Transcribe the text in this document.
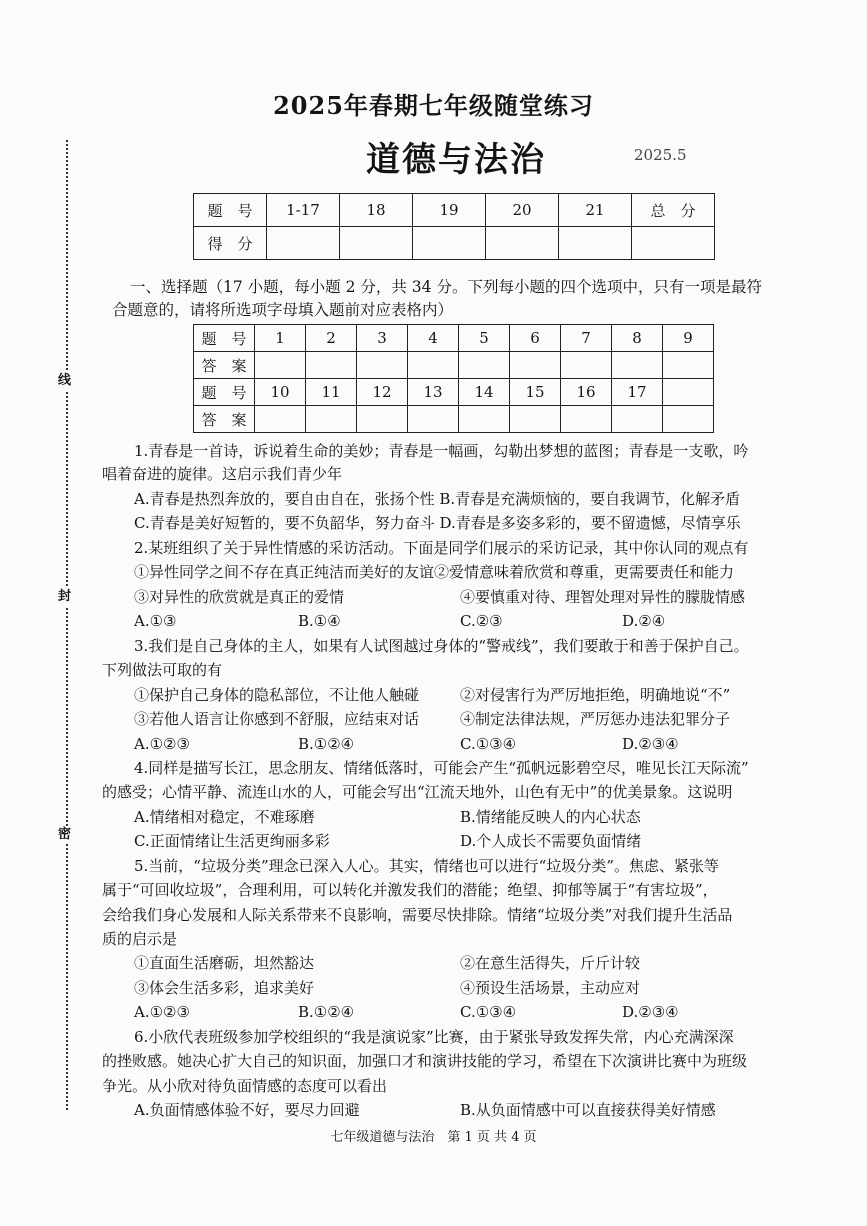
线
封
密
2025年春期七年级随堂练习
道德与法治	2025.5
题　号	1-17	18	19	20	21	总　分
得　分						
一、选择题（17 小题，每小题 2 分，共 34 分。下列每小题的四个选项中，只有一项是最符
合题意的，请将所选项字母填入题前对应表格内）
题　号	1	2	3	4	5	6	7	8	9
答　案									
题　号	10	11	12	13	14	15	16	17	
答　案									
1.青春是一首诗，诉说着生命的美妙；青春是一幅画，勾勒出梦想的蓝图；青春是一支歌，吟
唱着奋进的旋律。这启示我们青少年
A.青春是热烈奔放的，要自由自在，张扬个性 B.青春是充满烦恼的，要自我调节，化解矛盾
C.青春是美好短暂的，要不负韶华，努力奋斗 D.青春是多姿多彩的，要不留遗憾，尽情享乐
2.某班组织了关于异性情感的采访活动。下面是同学们展示的采访记录，其中你认同的观点有
①异性同学之间不存在真正纯洁而美好的友谊②爱情意味着欣赏和尊重，更需要责任和能力
③对异性的欣赏就是真正的爱情	④要慎重对待、理智处理对异性的朦胧情感
A.①③	B.①④	C.②③	D.②④
3.我们是自己身体的主人，如果有人试图越过身体的“警戒线”，我们要敢于和善于保护自己。
下列做法可取的有
①保护自己身体的隐私部位，不让他人触碰	②对侵害行为严厉地拒绝，明确地说“不”
③若他人语言让你感到不舒服，应结束对话	④制定法律法规，严厉惩办违法犯罪分子
A.①②③	B.①②④	C.①③④	D.②③④
4.同样是描写长江，思念朋友、情绪低落时，可能会产生“孤帆远影碧空尽，唯见长江天际流”
的感受；心情平静、流连山水的人，可能会写出“江流天地外，山色有无中”的优美景象。这说明
A.情绪相对稳定，不难琢磨	B.情绪能反映人的内心状态
C.正面情绪让生活更绚丽多彩	D.个人成长不需要负面情绪
5.当前，“垃圾分类”理念已深入人心。其实，情绪也可以进行“垃圾分类”。焦虑、紧张等
属于“可回收垃圾”，合理利用，可以转化并激发我们的潜能；绝望、抑郁等属于“有害垃圾”，
会给我们身心发展和人际关系带来不良影响，需要尽快排除。情绪“垃圾分类”对我们提升生活品
质的启示是
①直面生活磨砺，坦然豁达	②在意生活得失，斤斤计较
③体会生活多彩，追求美好	④预设生活场景，主动应对
A.①②③	B.①②④	C.①③④	D.②③④
6.小欣代表班级参加学校组织的“我是演说家”比赛，由于紧张导致发挥失常，内心充满深深
的挫败感。她决心扩大自己的知识面，加强口才和演讲技能的学习，希望在下次演讲比赛中为班级
争光。从小欣对待负面情感的态度可以看出
A.负面情感体验不好，要尽力回避	B.从负面情感中可以直接获得美好情感
七年级道德与法治　第 1 页 共 4 页
